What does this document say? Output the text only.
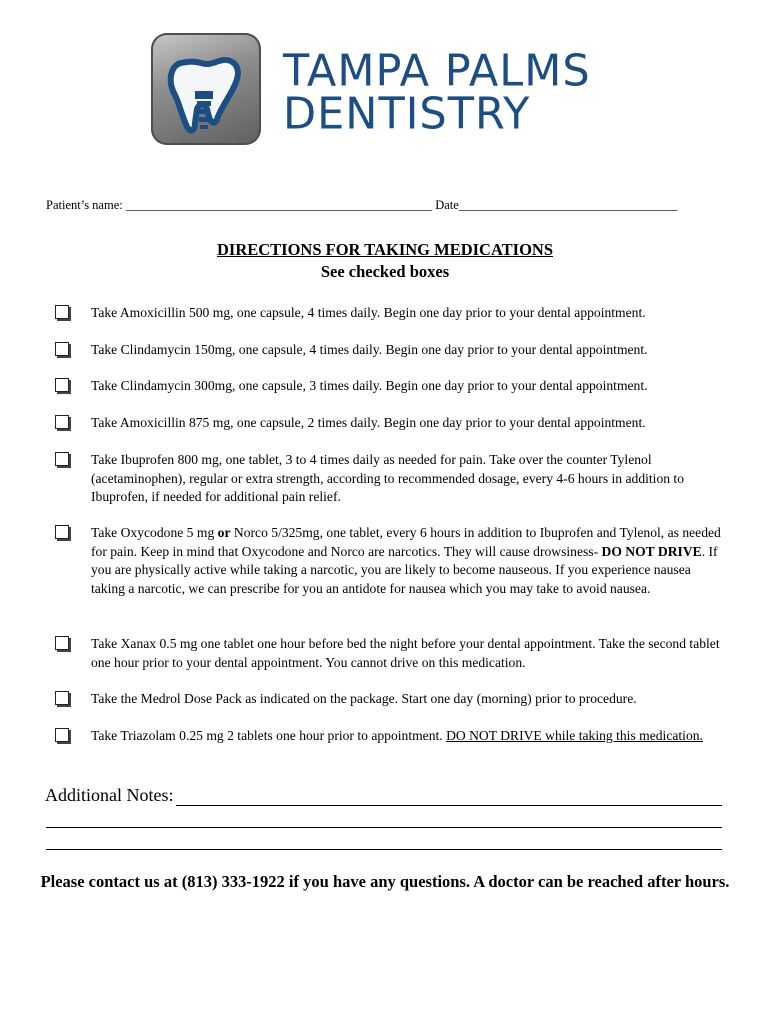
TAMPA PALMS
DENTISTRY
Patient’s name: _________________________________________________ Date___________________________________
DIRECTIONS FOR TAKING MEDICATIONS
See checked boxes
Take Amoxicillin 500 mg, one capsule, 4 times daily. Begin one day prior to your dental appointment.
Take Clindamycin 150mg, one capsule, 4 times daily. Begin one day prior to your dental appointment.
Take Clindamycin 300mg, one capsule, 3 times daily. Begin one day prior to your dental appointment.
Take Amoxicillin 875 mg, one capsule, 2 times daily. Begin one day prior to your dental appointment.
Take Ibuprofen 800 mg, one tablet, 3 to 4 times daily as needed for pain. Take over the counter Tylenol (acetaminophen), regular or extra strength, according to recommended dosage, every 4-6 hours in addition to Ibuprofen, if needed for additional pain relief.
Take Oxycodone 5 mg or Norco 5/325mg, one tablet, every 6 hours in addition to Ibuprofen and Tylenol, as needed for pain. Keep in mind that Oxycodone and Norco are narcotics. They will cause drowsiness- DO NOT DRIVE. If you are physically active while taking a narcotic, you are likely to become nauseous. If you experience nausea taking a narcotic, we can prescribe for you an antidote for nausea which you may take to avoid nausea.
Take Xanax 0.5 mg one tablet one hour before bed the night before your dental appointment. Take the second tablet one hour prior to your dental appointment. You cannot drive on this medication.
Take the Medrol Dose Pack as indicated on the package. Start one day (morning) prior to procedure.
Take Triazolam 0.25 mg 2 tablets one hour prior to appointment. DO NOT DRIVE while taking this medication.
Additional Notes:
Please contact us at (813) 333-1922 if you have any questions. A doctor can be reached after hours.
